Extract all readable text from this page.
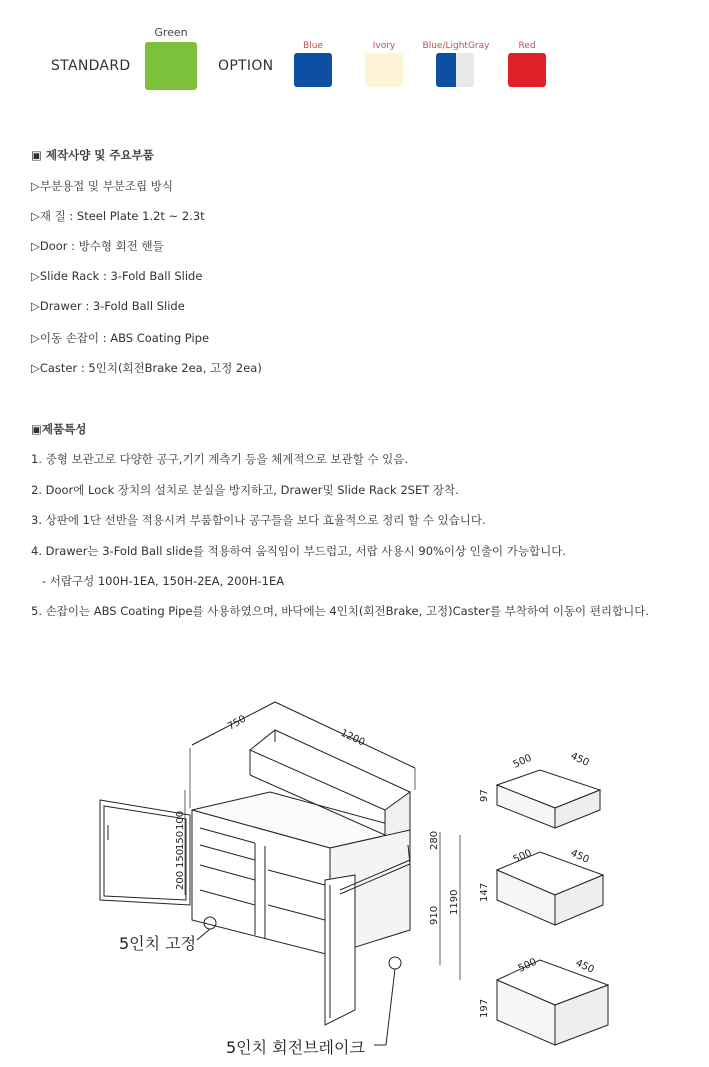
STANDARD
Green
OPTION
Blue	Ivory	Blue/LightGray	Red
▣ 제작사양 및 주요부품
▷부분용접 및 부분조립 방식
▷재 질 : Steel Plate 1.2t ~ 2.3t
▷Door : 방수형 회전 핸들
▷Slide Rack : 3-Fold Ball Slide
▷Drawer : 3-Fold Ball Slide
▷이동 손잡이 : ABS Coating Pipe
▷Caster : 5인치(회전Brake 2ea, 고정 2ea)
▣제품특성
1. 중형 보관고로 다양한 공구,기기 계측기 등을 체계적으로 보관할 수 있음.
2. Door에 Lock 장치의 설치로 분실을 방지하고, Drawer및 Slide Rack 2SET 장착.
3. 상판에 1단 선반을 적용시켜 부품함이나 공구들을 보다 효율적으로 정리 할 수 있습니다.
4. Drawer는 3-Fold Ball slide를 적용하여 움직임이 부드럽고, 서랍 사용시 90%이상 인출이 가능합니다.
- 서랍구성 100H-1EA, 150H-2EA, 200H-1EA
5. 손잡이는 ABS Coating Pipe를 사용하였으며, 바닥에는 4인치(회전Brake, 고정)Caster를 부착하여 이동이 편리합니다.
750
1200
280
910
1190
100
150
150
200
500	450
97
500	450
147
500	450
197
5인치 고정
5인치 회전브레이크
